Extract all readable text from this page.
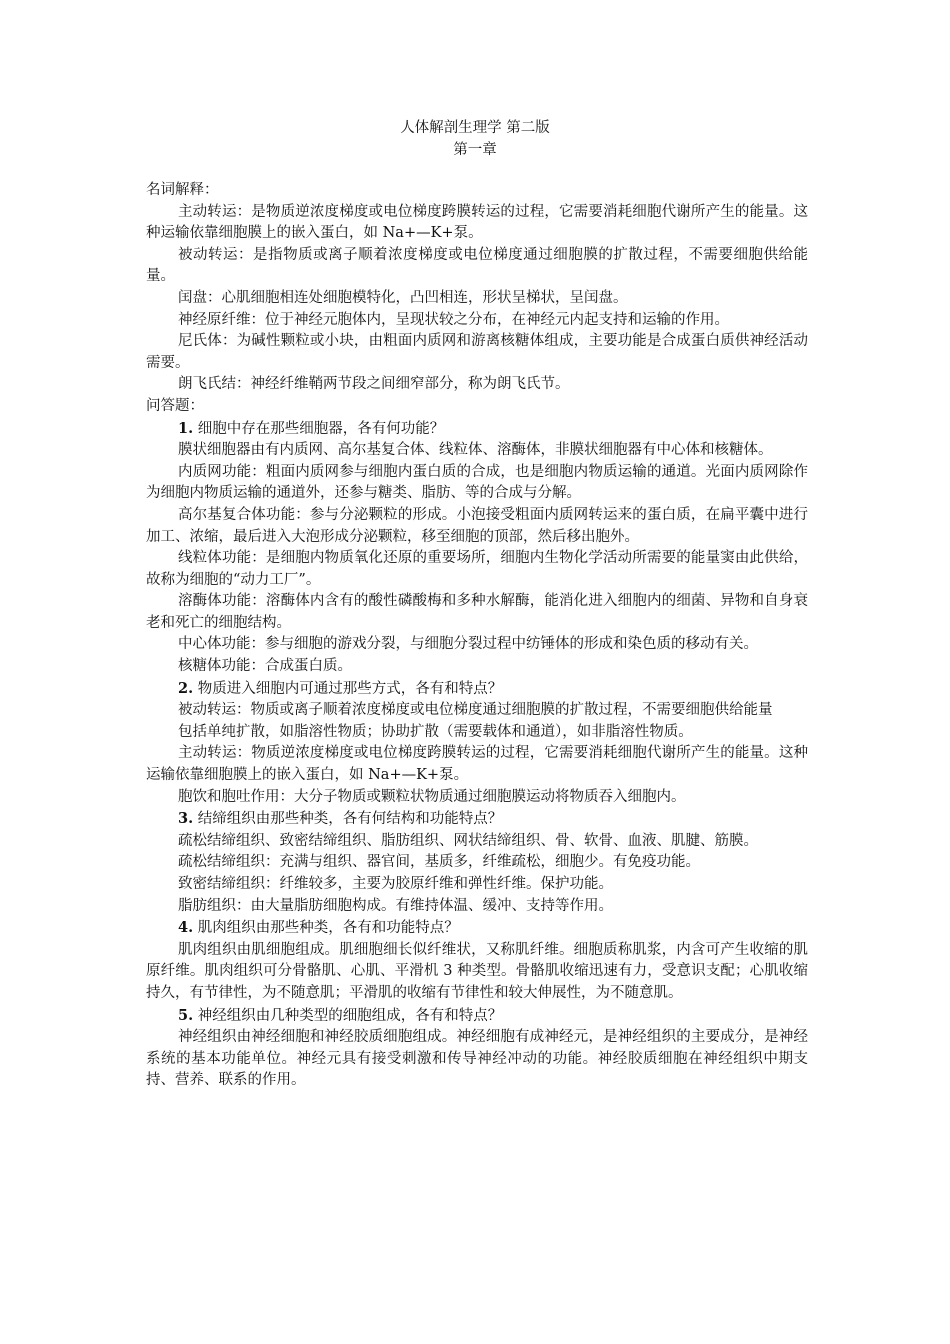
人体解剖生理学 第二版
第一章

名词解释：

主动转运：是物质逆浓度梯度或电位梯度跨膜转运的过程，它需要消耗细胞代谢所产生的能量。这种运输依靠细胞膜上的嵌入蛋白，如 Na+—K+泵。

被动转运：是指物质或离子顺着浓度梯度或电位梯度通过细胞膜的扩散过程，不需要细胞供给能量。

闰盘：心肌细胞相连处细胞模特化，凸凹相连，形状呈梯状，呈闰盘。

神经原纤维：位于神经元胞体内，呈现状较之分布，在神经元内起支持和运输的作用。

尼氏体：为碱性颗粒或小块，由粗面内质网和游离核糖体组成，主要功能是合成蛋白质供神经活动需要。

朗飞氏结：神经纤维鞘两节段之间细窄部分，称为朗飞氏节。

问答题：

1. 细胞中存在那些细胞器，各有何功能？

膜状细胞器由有内质网、高尔基复合体、线粒体、溶酶体，非膜状细胞器有中心体和核糖体。

内质网功能：粗面内质网参与细胞内蛋白质的合成，也是细胞内物质运输的通道。光面内质网除作为细胞内物质运输的通道外，还参与糖类、脂肪、等的合成与分解。

高尔基复合体功能：参与分泌颗粒的形成。小泡接受粗面内质网转运来的蛋白质，在扁平囊中进行加工、浓缩，最后进入大泡形成分泌颗粒，移至细胞的顶部，然后移出胞外。

线粒体功能：是细胞内物质氧化还原的重要场所，细胞内生物化学活动所需要的能量窦由此供给，故称为细胞的“动力工厂”。

溶酶体功能：溶酶体内含有的酸性磷酸梅和多种水解酶，能消化进入细胞内的细菌、异物和自身衰老和死亡的细胞结构。

中心体功能：参与细胞的游戏分裂，与细胞分裂过程中纺锤体的形成和染色质的移动有关。

核糖体功能：合成蛋白质。

2. 物质进入细胞内可通过那些方式，各有和特点？

被动转运：物质或离子顺着浓度梯度或电位梯度通过细胞膜的扩散过程，不需要细胞供给能量

包括单纯扩散，如脂溶性物质；协助扩散（需要载体和通道），如非脂溶性物质。

主动转运：物质逆浓度梯度或电位梯度跨膜转运的过程，它需要消耗细胞代谢所产生的能量。这种运输依靠细胞膜上的嵌入蛋白，如 Na+—K+泵。

胞饮和胞吐作用：大分子物质或颗粒状物质通过细胞膜运动将物质吞入细胞内。

3. 结缔组织由那些种类，各有何结构和功能特点？

疏松结缔组织、致密结缔组织、脂肪组织、网状结缔组织、骨、软骨、血液、肌腱、筋膜。

疏松结缔组织：充满与组织、器官间，基质多，纤维疏松，细胞少。有免疫功能。

致密结缔组织：纤维较多，主要为胶原纤维和弹性纤维。保护功能。

脂肪组织：由大量脂肪细胞构成。有维持体温、缓冲、支持等作用。

4. 肌肉组织由那些种类，各有和功能特点？

肌肉组织由肌细胞组成。肌细胞细长似纤维状，又称肌纤维。细胞质称肌浆，内含可产生收缩的肌原纤维。肌肉组织可分骨骼肌、心肌、平滑机 3 种类型。骨骼肌收缩迅速有力，受意识支配；心肌收缩持久，有节律性，为不随意肌；平滑肌的收缩有节律性和较大伸展性，为不随意肌。

5. 神经组织由几种类型的细胞组成，各有和特点？

神经组织由神经细胞和神经胶质细胞组成。神经细胞有成神经元，是神经组织的主要成分，是神经系统的基本功能单位。神经元具有接受刺激和传导神经冲动的功能。神经胶质细胞在神经组织中期支持、营养、联系的作用。
